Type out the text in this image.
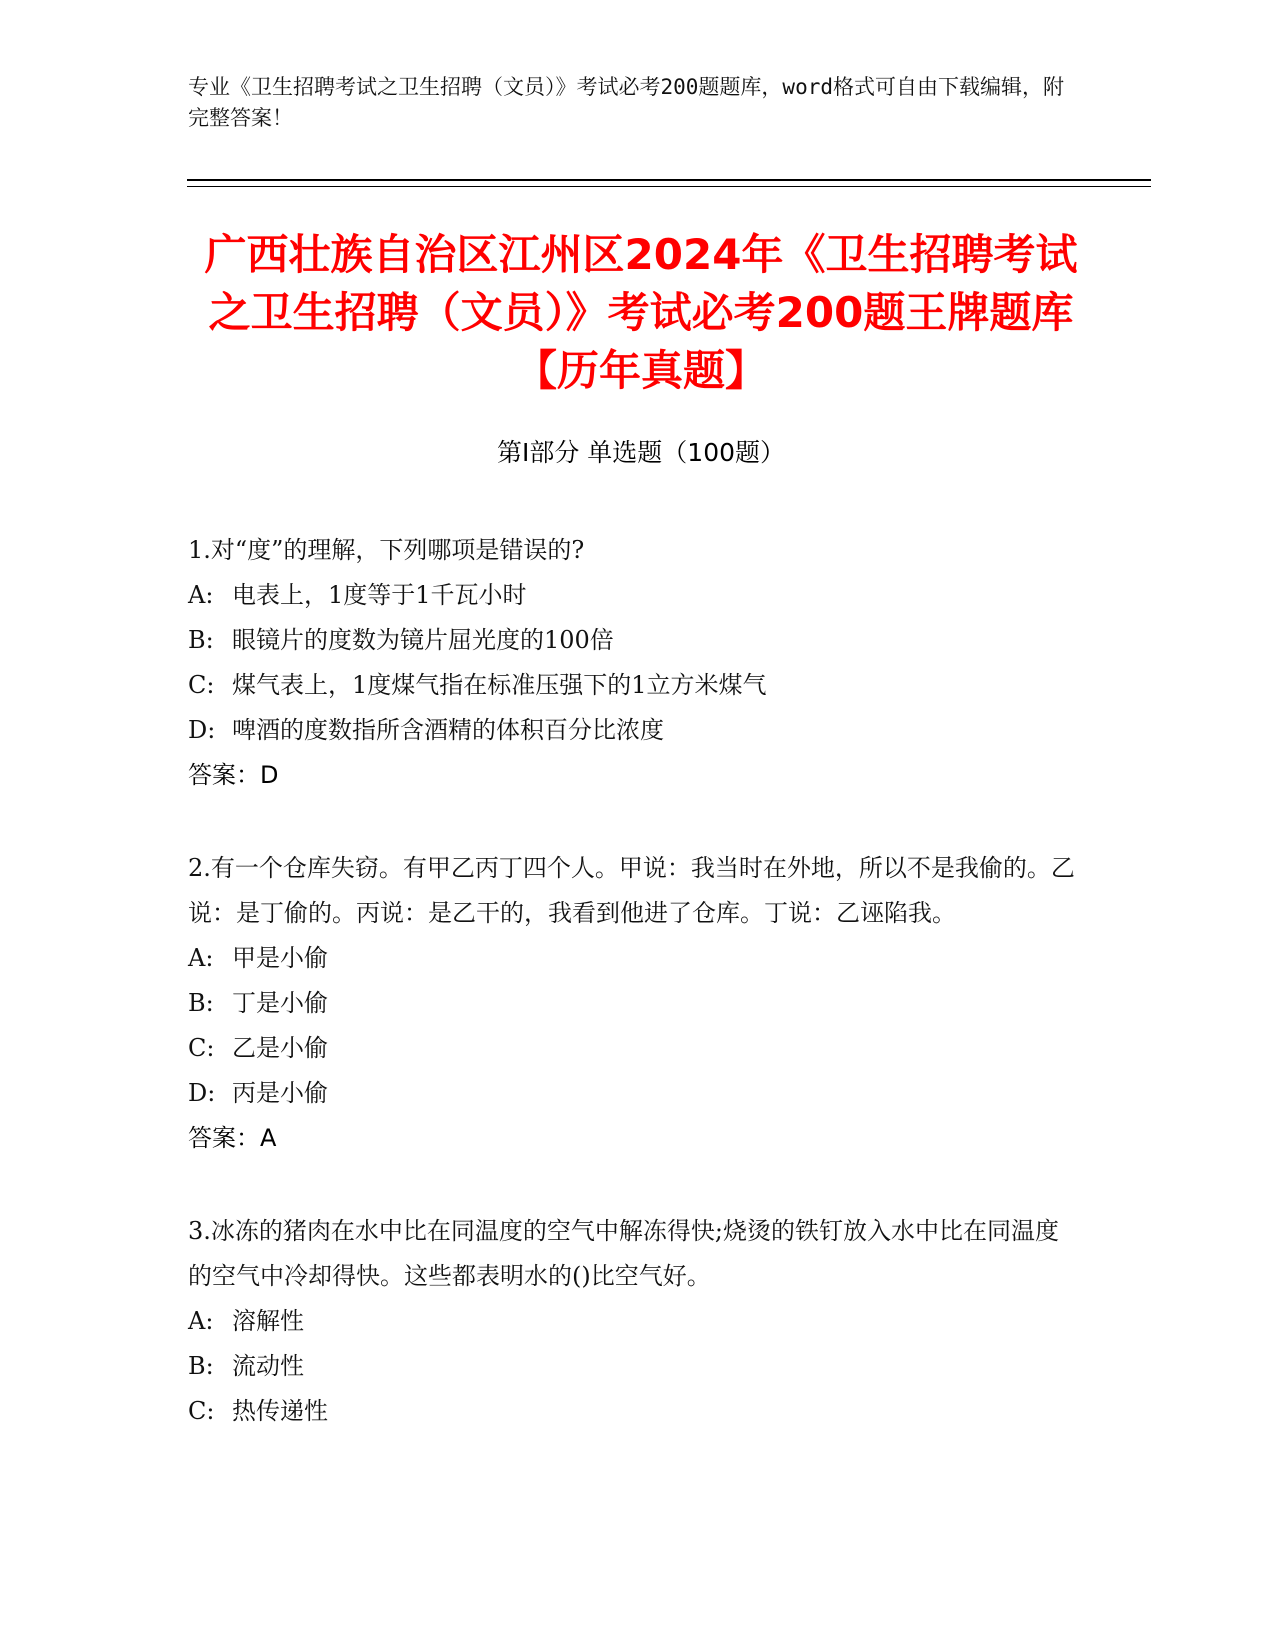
专业《卫生招聘考试之卫生招聘（文员）》考试必考200题题库，word格式可自由下载编辑，附完整答案！
广西壮族自治区江州区2024年《卫生招聘考试之卫生招聘（文员）》考试必考200题王牌题库【历年真题】
第I部分 单选题（100题）
1.对“度”的理解，下列哪项是错误的?
A: 电表上，1度等于1千瓦小时
B: 眼镜片的度数为镜片屈光度的100倍
C: 煤气表上，1度煤气指在标准压强下的1立方米煤气
D: 啤酒的度数指所含酒精的体积百分比浓度
答案：D
2.有一个仓库失窃。有甲乙丙丁四个人。甲说：我当时在外地，所以不是我偷的。乙说：是丁偷的。丙说：是乙干的，我看到他进了仓库。丁说：乙诬陷我。
A: 甲是小偷
B: 丁是小偷
C: 乙是小偷
D: 丙是小偷
答案：A
3.冰冻的猪肉在水中比在同温度的空气中解冻得快;烧烫的铁钉放入水中比在同温度的空气中冷却得快。这些都表明水的()比空气好。
A: 溶解性
B: 流动性
C: 热传递性
